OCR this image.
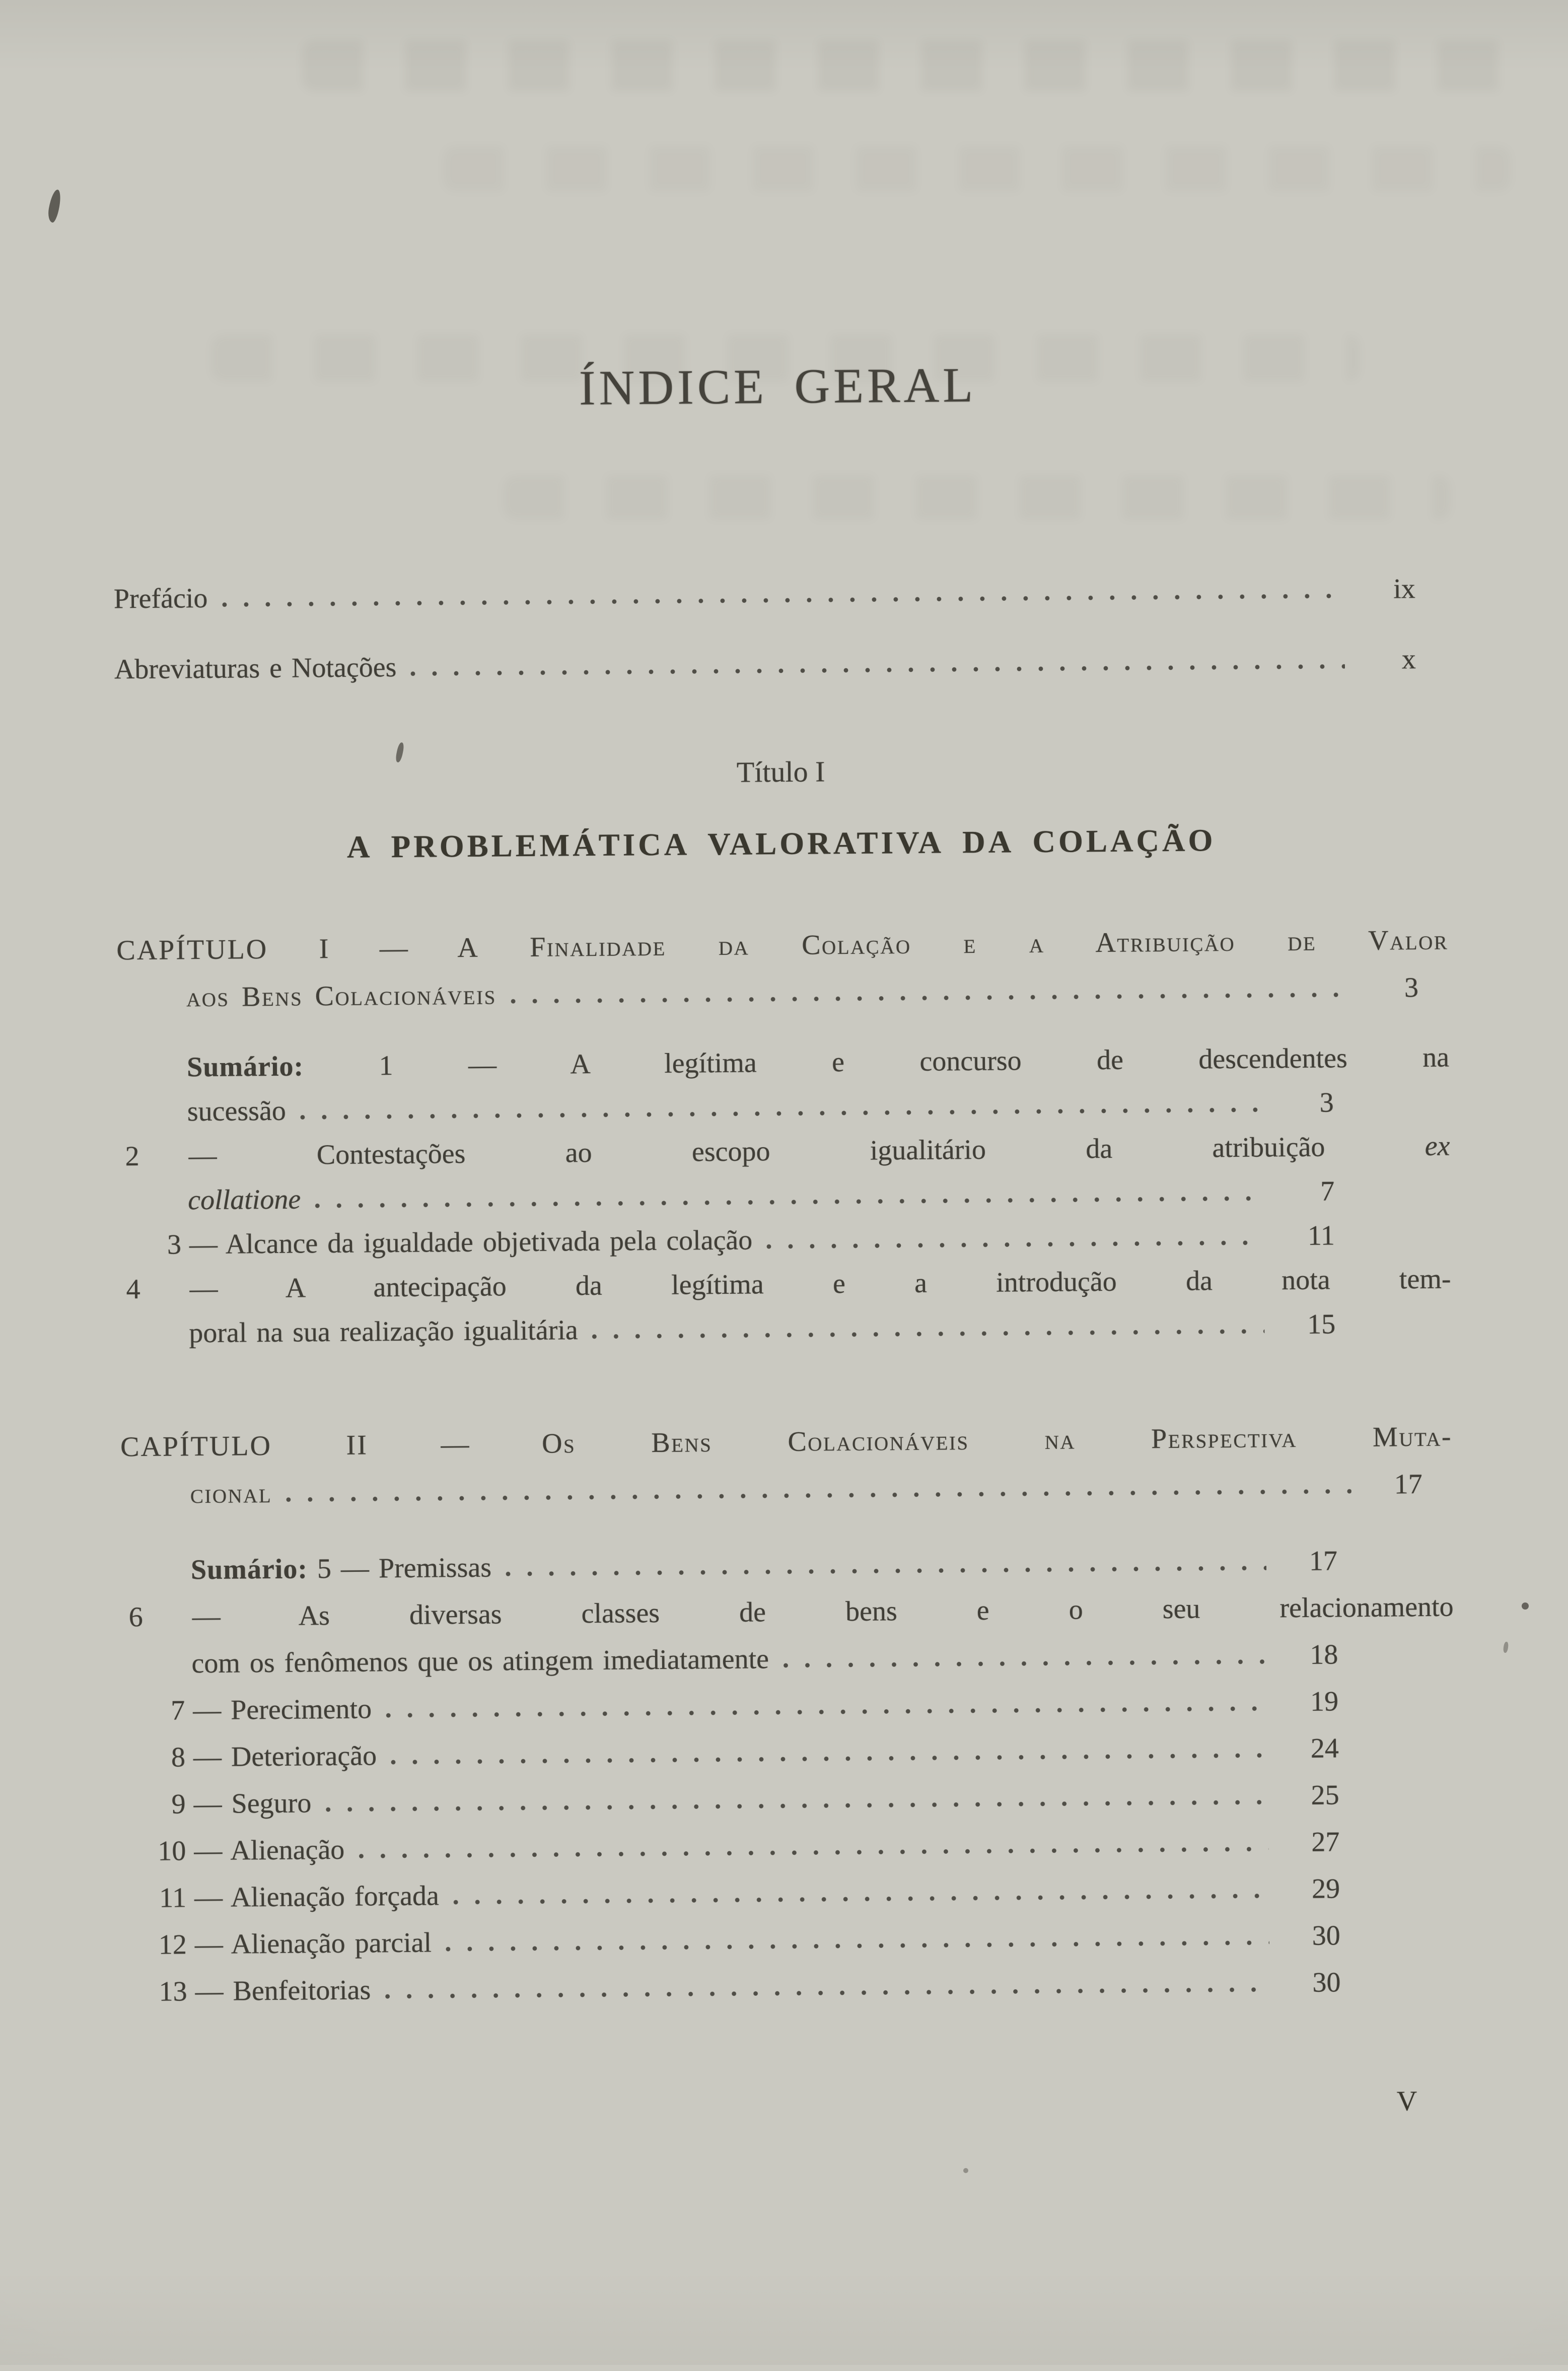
ÍNDICE GERAL
Prefácio	ix
Abreviaturas e Notações	x
Título I
A PROBLEMÁTICA VALORATIVA DA COLAÇÃO
CAPÍTULO I — A Finalidade da Colação e a Atribuição de Valor
aos Bens Colacionáveis	3
Sumário:	1 — A legítima e concurso de descendentes na
sucessão	3
2 — Contestações ao escopo igualitário da atribuição ex
collatione	7
3 — Alcance da igualdade objetivada pela colação	11
4 — A antecipação da legítima e a introdução da nota tem-
poral na sua realização igualitária	15
CAPÍTULO II — Os Bens Colacionáveis na Perspectiva Muta-
cional	17
Sumário: 5 — Premissas	17
6 — As diversas classes de bens e o seu relacionamento
com os fenômenos que os atingem imediatamente	18
7 — Perecimento	19
8 — Deterioração	24
9 — Seguro	25
10 — Alienação	27
11 — Alienação forçada	29
12 — Alienação parcial	30
13 — Benfeitorias	30
V
